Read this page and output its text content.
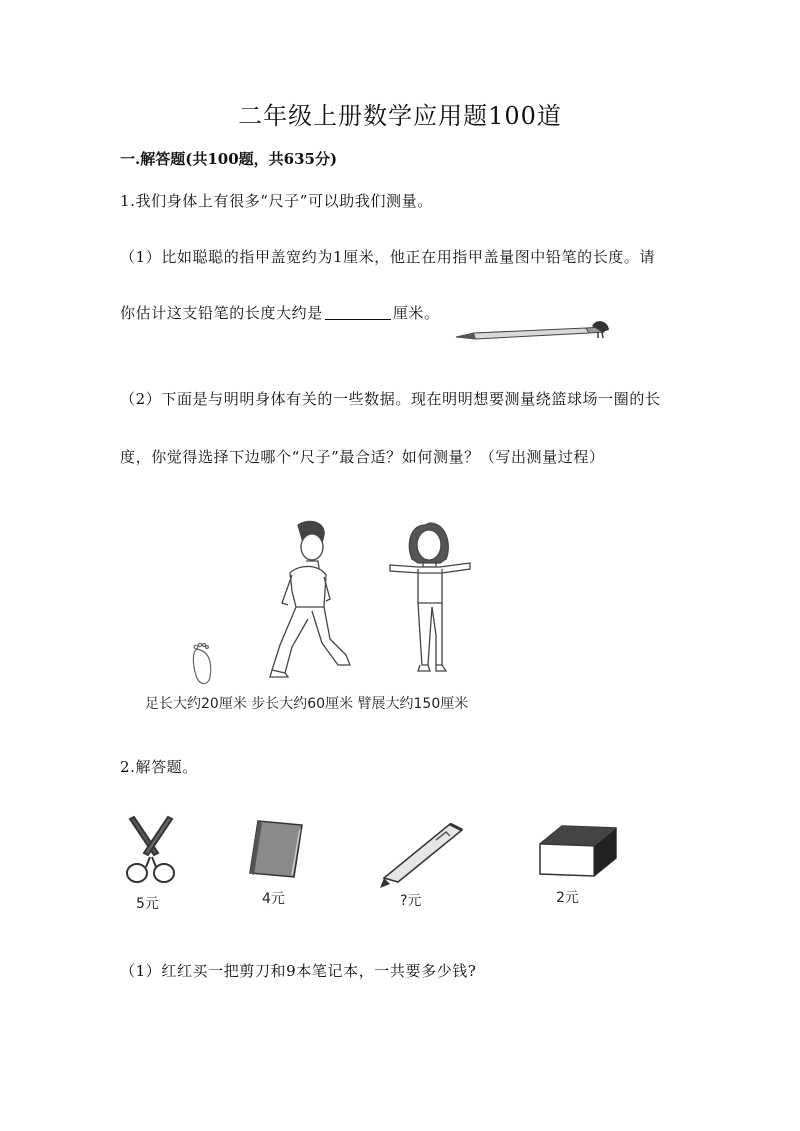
二年级上册数学应用题100道
一.解答题(共100题，共635分)
1.我们身体上有很多“尺子”可以助我们测量。
（1）比如聪聪的指甲盖宽约为1厘米，他正在用指甲盖量图中铅笔的长度。请
你估计这支铅笔的长度大约是	厘米。
（2）下面是与明明身体有关的一些数据。现在明明想要测量绕篮球场一圈的长
度，你觉得选择下边哪个“尺子”最合适？如何测量？（写出测量过程）
足长大约20厘米 步长大约60厘米 臂展大约150厘米
2.解答题。
5元	4元	?元	2元
（1）红红买一把剪刀和9本笔记本，一共要多少钱?
